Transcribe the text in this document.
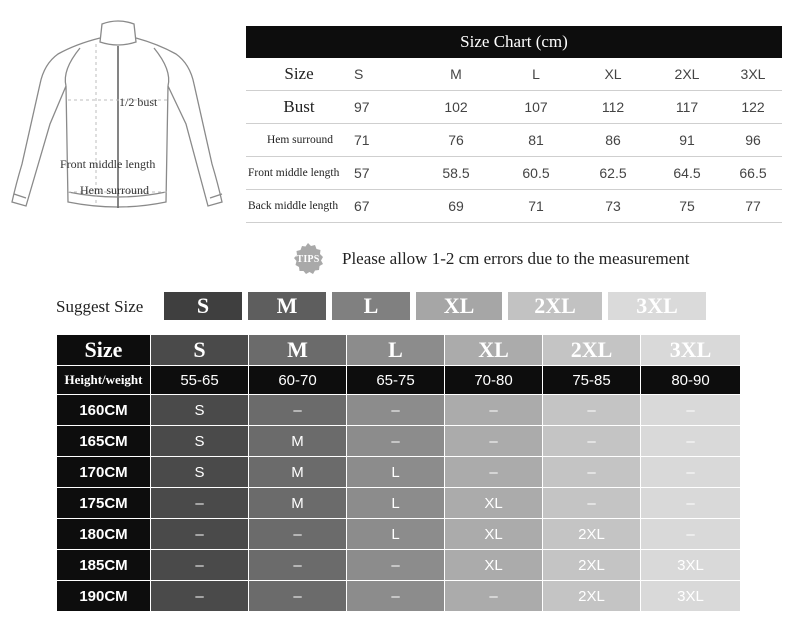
1/2 bust
Front middle length
Hem surround
Size Chart (cm)
Size	S	M	L	XL	2XL	3XL
Bust	97	102	107	112	117	122
Hem surround	71	76	81	86	91	96
Front middle length	57	58.5	60.5	62.5	64.5	66.5
Back middle length	67	69	71	73	75	77
TIPS Please allow 1-2 cm errors due to the measurement
Suggest Size	S	M	L	XL	2XL	3XL
Size	S	M	L	XL	2XL	3XL
Height/weight	55-65	60-70	65-75	70-80	75-85	80-90
160CM	S	–	–	–	–	–
165CM	S	M	–	–	–	–
170CM	S	M	L	–	–	–
175CM	–	M	L	XL	–	–
180CM	–	–	L	XL	2XL	–
185CM	–	–	–	XL	2XL	3XL
190CM	–	–	–	–	2XL	3XL
